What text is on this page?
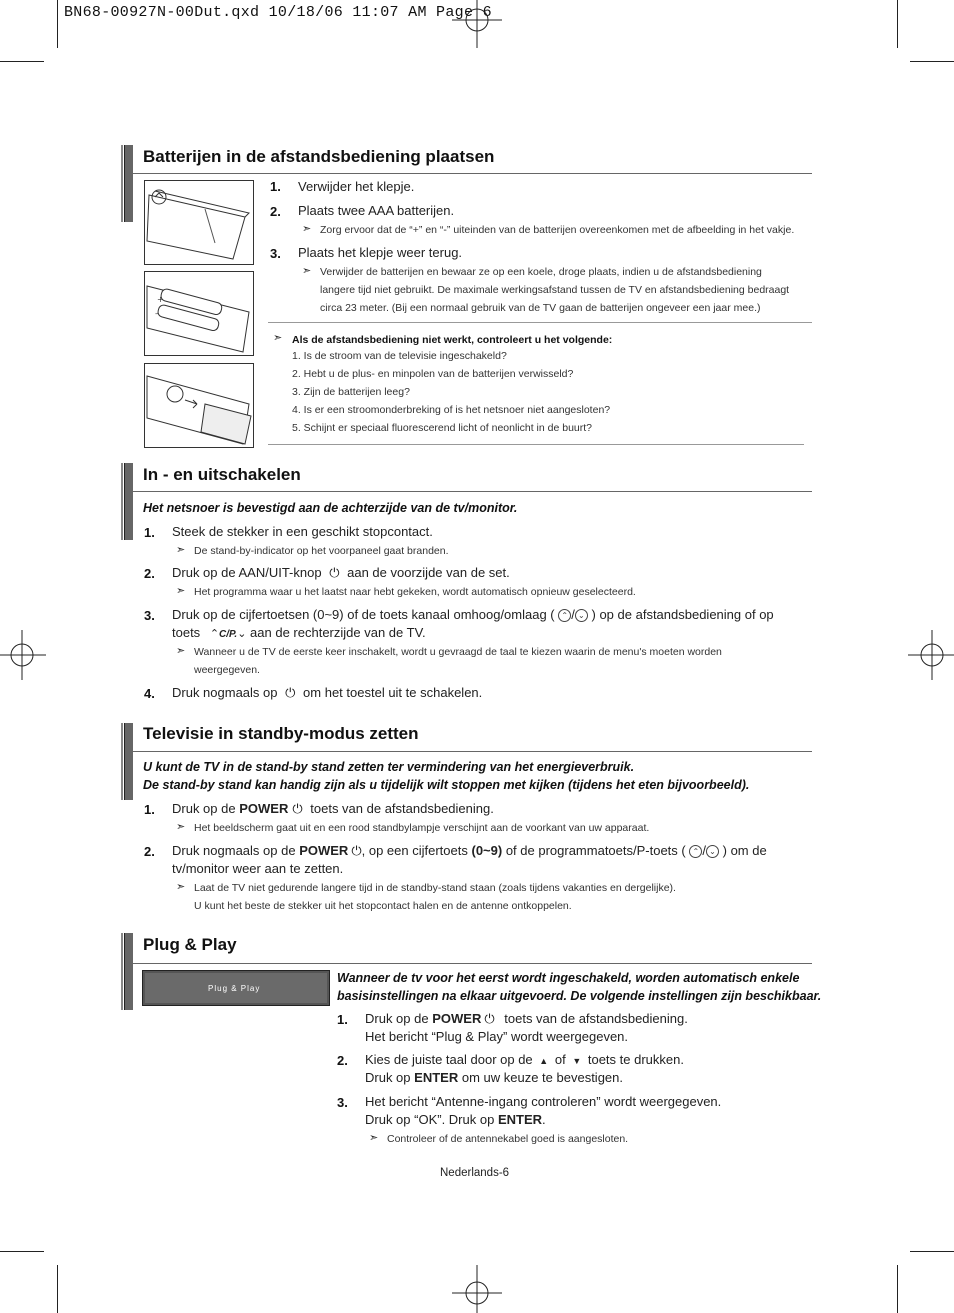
BN68-00927N-00Dut.qxd 10/18/06 11:07 AM Page 6
Batterijen in de afstandsbediening plaatsen
+
–
1. Verwijder het klepje.
2. Plaats twee AAA batterijen.
➣ Zorg ervoor dat de “+” en “-” uiteinden van de batterijen overeenkomen met de afbeelding in het vakje.
3. Plaats het klepje weer terug.
➣ Verwijder de batterijen en bewaar ze op een koele, droge plaats, indien u de afstandsbediening
langere tijd niet gebruikt. De maximale werkingsafstand tussen de TV en afstandsbediening bedraagt
circa 23 meter. (Bij een normaal gebruik van de TV gaan de batterijen ongeveer een jaar mee.)
➣ Als de afstandsbediening niet werkt, controleert u het volgende:
1. Is de stroom van de televisie ingeschakeld?
2. Hebt u de plus- en minpolen van de batterijen verwisseld?
3. Zijn de batterijen leeg?
4. Is er een stroomonderbreking of is het netsnoer niet aangesloten?
5. Schijnt er speciaal fluorescerend licht of neonlicht in de buurt?
In - en uitschakelen
Het netsnoer is bevestigd aan de achterzijde van de tv/monitor.
1. Steek de stekker in een geschikt stopcontact.
➣ De stand-by-indicator op het voorpaneel gaat branden.
2. Druk op de AAN/UIT-knop ⏻ aan de voorzijde van de set.
➣ Het programma waar u het laatst naar hebt gekeken, wordt automatisch opnieuw geselecteerd.
3. Druk op de cijfertoetsen (0~9) of de toets kanaal omhoog/omlaag ( ⌃ / ⌄ ) op de afstandsbediening of op
toets ⌃C/P.⌄ aan de rechterzijde van de TV.
➣ Wanneer u de TV de eerste keer inschakelt, wordt u gevraagd de taal te kiezen waarin de menu's moeten worden
weergegeven.
4. Druk nogmaals op ⏻ om het toestel uit te schakelen.
Televisie in standby-modus zetten
U kunt de TV in de stand-by stand zetten ter vermindering van het energieverbruik.
De stand-by stand kan handig zijn als u tijdelijk wilt stoppen met kijken (tijdens het eten bijvoorbeeld).
1. Druk op de POWER ⏻ toets van de afstandsbediening.
➣ Het beeldscherm gaat uit en een rood standbylampje verschijnt aan de voorkant van uw apparaat.
2. Druk nogmaals op de POWER ⏻, op een cijfertoets (0~9) of de programmatoets/P-toets ( ⌃ / ⌄ ) om de
tv/monitor weer aan te zetten.
➣ Laat de TV niet gedurende langere tijd in de standby-stand staan (zoals tijdens vakanties en dergelijke).
U kunt het beste de stekker uit het stopcontact halen en de antenne ontkoppelen.
Plug & Play
Plug & Play
Wanneer de tv voor het eerst wordt ingeschakeld, worden automatisch enkele
basisinstellingen na elkaar uitgevoerd. De volgende instellingen zijn beschikbaar.
1. Druk op de POWER ⏻ toets van de afstandsbediening.
Het bericht “Plug & Play” wordt weergegeven.
2. Kies de juiste taal door op de ▲ of ▼ toets te drukken.
Druk op ENTER om uw keuze te bevestigen.
3. Het bericht “Antenne-ingang controleren” wordt weergegeven.
Druk op “OK”. Druk op ENTER.
➣ Controleer of de antennekabel goed is aangesloten.
Nederlands-6
